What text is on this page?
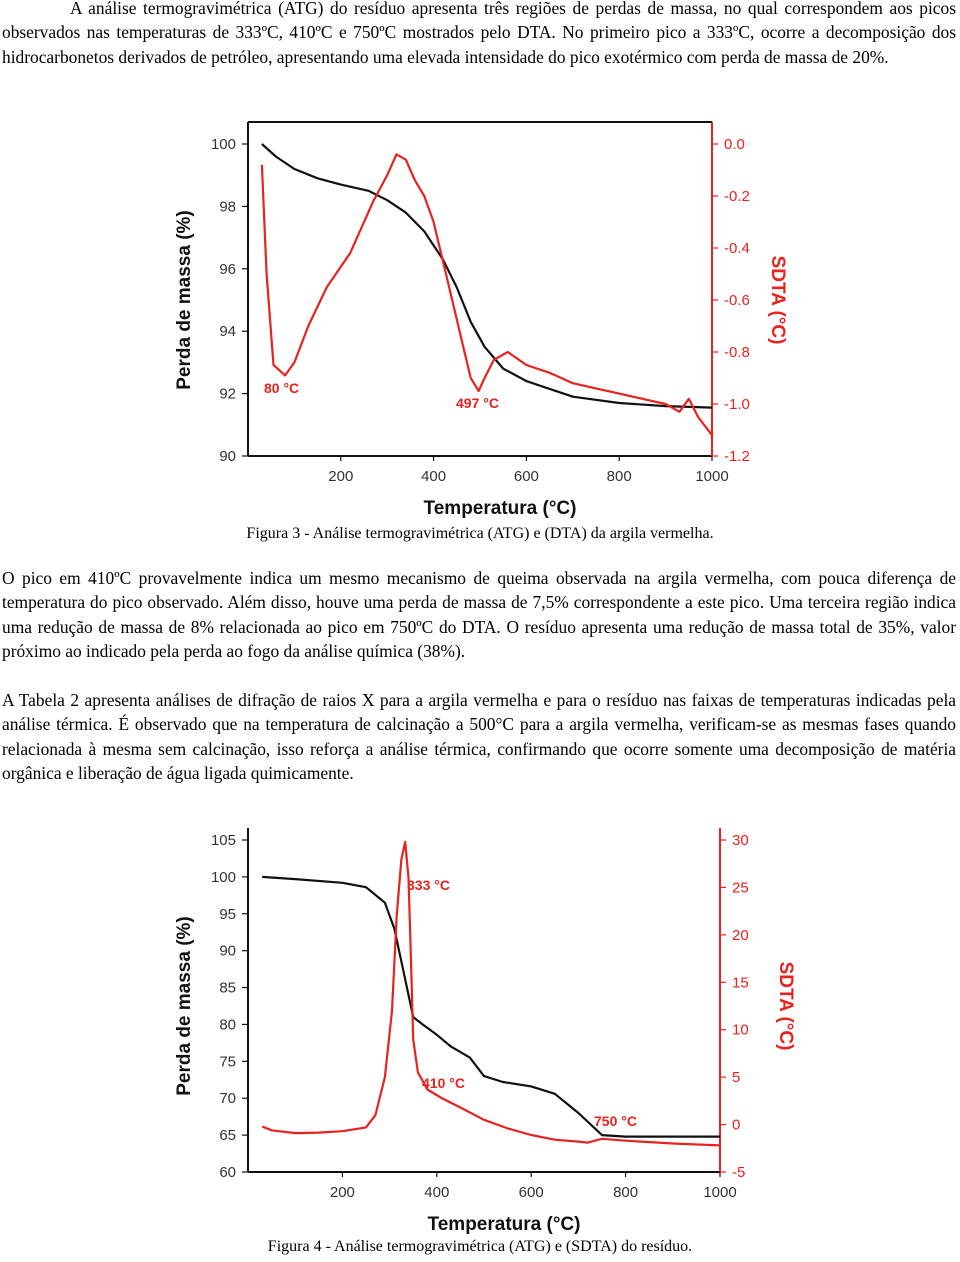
A análise termogravimétrica (ATG) do resíduo apresenta três regiões de perdas de massa, no qual correspondem aos picos observados nas temperaturas de 333ºC, 410ºC e 750ºC mostrados pelo DTA. No primeiro pico a 333ºC, ocorre a decomposição dos hidrocarbonetos derivados de petróleo, apresentando uma elevada intensidade do pico exotérmico com perda de massa de 20%.

200	400	600	800	1000
90
92
94
96
98
100	0.0
-0.2
-0.4
-0.6
-0.8
-1.0
-1.2
Temperatura (°C)
Perda de massa (%)	SDTA (°C)
80 °C
497 °C

Figura 3 - Análise termogravimétrica (ATG) e (DTA) da argila vermelha.

O pico em 410ºC provavelmente indica um mesmo mecanismo de queima observada na argila vermelha, com pouca diferença de temperatura do pico observado. Além disso, houve uma perda de massa de 7,5% correspondente a este pico. Uma terceira região indica uma redução de massa de 8% relacionada ao pico em 750ºC do DTA. O resíduo apresenta uma redução de massa total de 35%, valor próximo ao indicado pela perda ao fogo da análise química (38%).

A Tabela 2 apresenta análises de difração de raios X para a argila vermelha e para o resíduo nas faixas de temperaturas indicadas pela análise térmica. É observado que na temperatura de calcinação a 500°C para a argila vermelha, verificam-se as mesmas fases quando relacionada à mesma sem calcinação, isso reforça a análise térmica, confirmando que ocorre somente uma decomposição de matéria orgânica e liberação de água ligada quimicamente.

200	400	600	800	1000
60
65
70
75
80
85
90
95
100
105
-5
0
5
10
15
20
25
30
Temperatura (°C)
Perda de massa (%)	SDTA (°C)
333 °C
410 °C
750 °C

Figura 4 - Análise termogravimétrica (ATG) e (SDTA) do resíduo.
